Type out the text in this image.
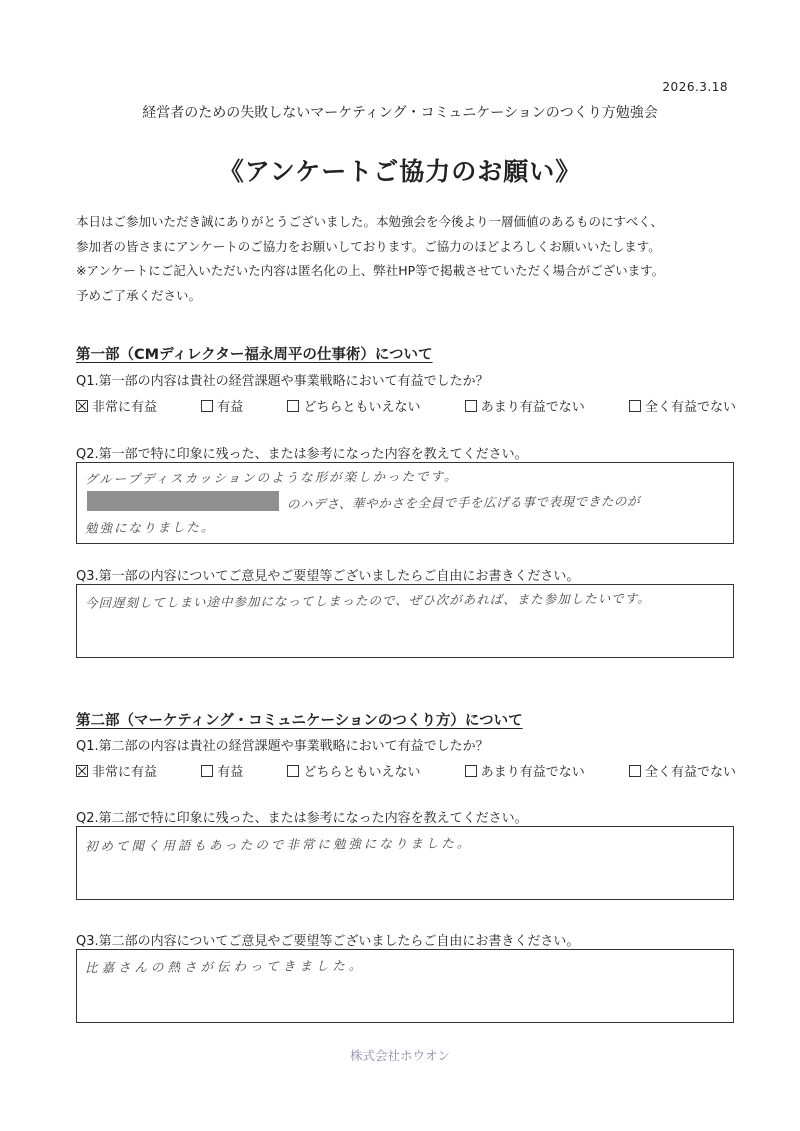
2026.3.18
経営者のための失敗しないマーケティング・コミュニケーションのつくり方勉強会
《アンケートご協力のお願い》
本日はご参加いただき誠にありがとうございました。本勉強会を今後より一層価値のあるものにすべく、
参加者の皆さまにアンケートのご協力をお願いしております。ご協力のほどよろしくお願いいたします。
※アンケートにご記入いただいた内容は匿名化の上、弊社HP等で掲載させていただく場合がございます。
予めご了承ください。
第一部（CMディレクター福永周平の仕事術）について
Q1.第一部の内容は貴社の経営課題や事業戦略において有益でしたか？
非常に有益	有益	どちらともいえない	あまり有益でない	全く有益でない
Q2.第一部で特に印象に残った、または参考になった内容を教えてください。
グループディスカッションのような形が楽しかったです。
のハデさ、華やかさを全員で手を広げる事で表現できたのが
勉強になりました。
Q3.第一部の内容についてご意見やご要望等ございましたらご自由にお書きください。
今回遅刻してしまい途中参加になってしまったので、ぜひ次があれば、また参加したいです。
第二部（マーケティング・コミュニケーションのつくり方）について
Q1.第二部の内容は貴社の経営課題や事業戦略において有益でしたか？
非常に有益	有益	どちらともいえない	あまり有益でない	全く有益でない
Q2.第二部で特に印象に残った、または参考になった内容を教えてください。
初めて聞く用語もあったので非常に勉強になりました。
Q3.第二部の内容についてご意見やご要望等ございましたらご自由にお書きください。
比嘉さんの熱さが伝わってきました。
株式会社ホウオン
